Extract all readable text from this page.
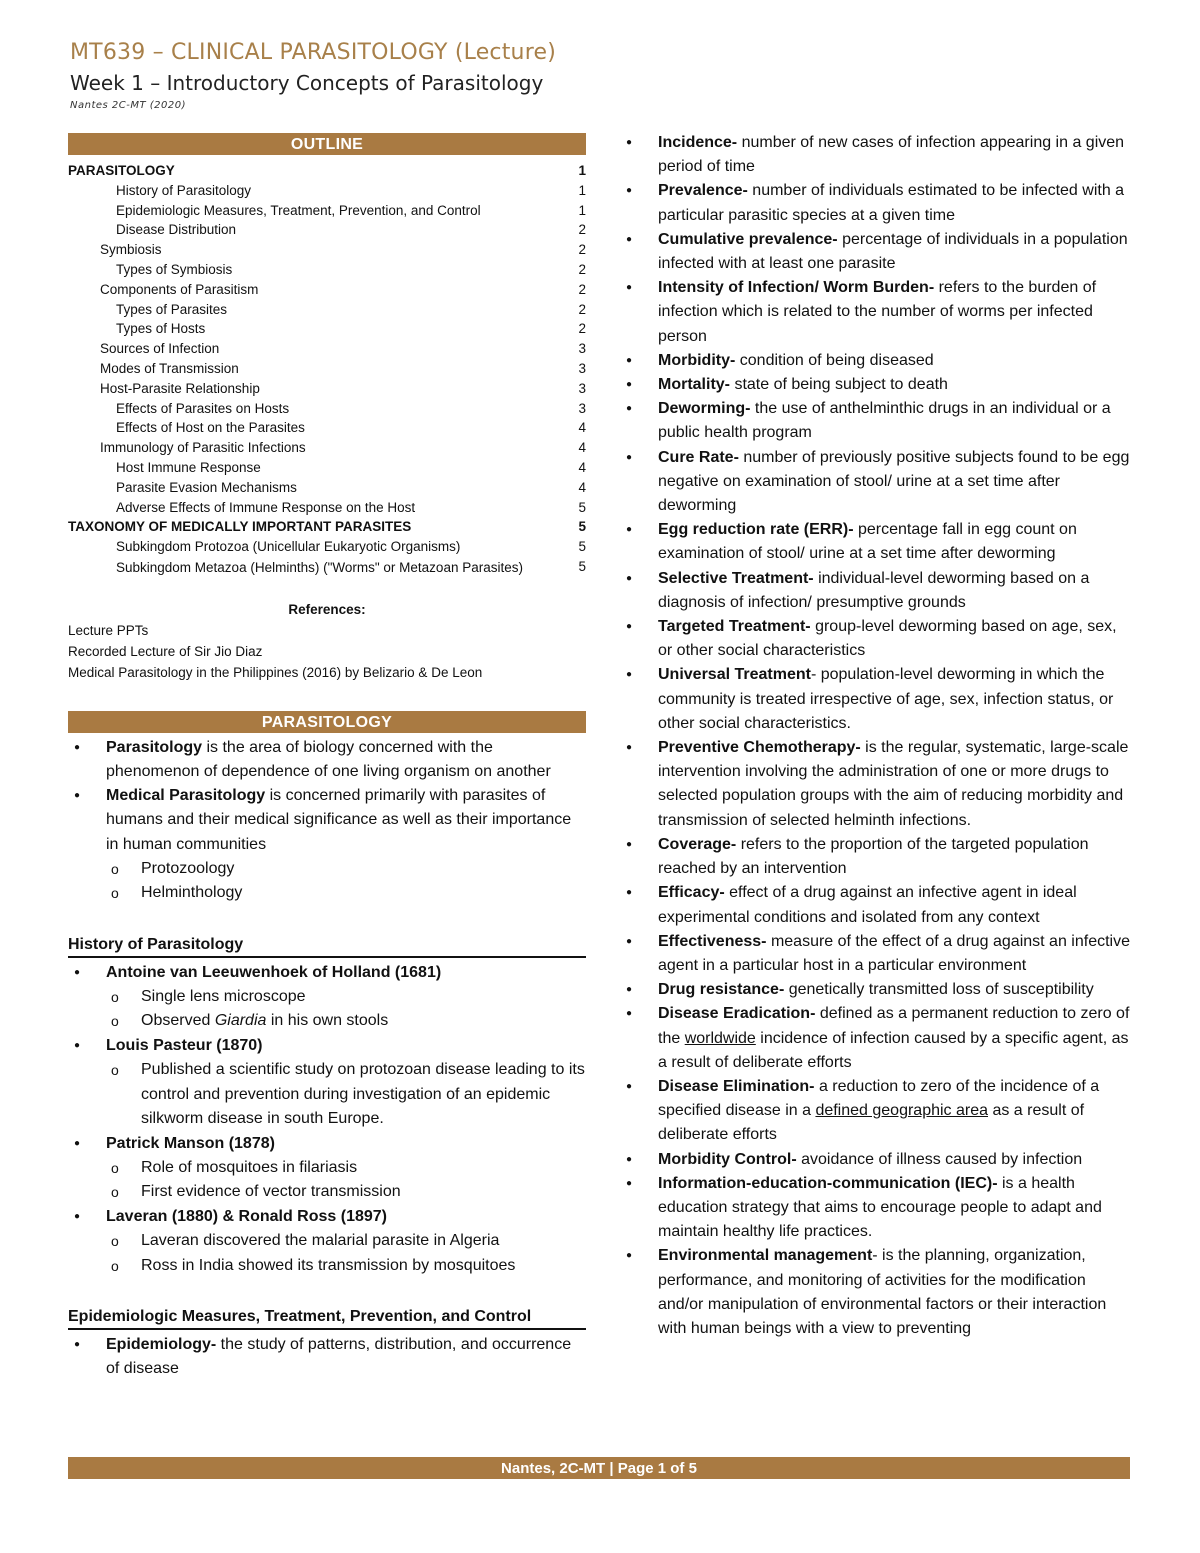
MT639 – CLINICAL PARASITOLOGY (Lecture)
Week 1 – Introductory Concepts of Parasitology
Nantes 2C-MT (2020)
OUTLINE
PARASITOLOGY	1
History of Parasitology	1
Epidemiologic Measures, Treatment, Prevention, and Control	1
Disease Distribution	2
Symbiosis	2
Types of Symbiosis	2
Components of Parasitism	2
Types of Parasites	2
Types of Hosts	2
Sources of Infection	3
Modes of Transmission	3
Host-Parasite Relationship	3
Effects of Parasites on Hosts	3
Effects of Host on the Parasites	4
Immunology of Parasitic Infections	4
Host Immune Response	4
Parasite Evasion Mechanisms	4
Adverse Effects of Immune Response on the Host	5
TAXONOMY OF MEDICALLY IMPORTANT PARASITES	5
Subkingdom Protozoa (Unicellular Eukaryotic Organisms)	5
Subkingdom Metazoa (Helminths) ("Worms" or Metazoan Parasites)	5
References:
Lecture PPTs
Recorded Lecture of Sir Jio Diaz
Medical Parasitology in the Philippines (2016) by Belizario & De Leon
PARASITOLOGY
● Parasitology is the area of biology concerned with the phenomenon of dependence of one living organism on another
● Medical Parasitology is concerned primarily with parasites of humans and their medical significance as well as their importance in human communities
o Protozoology
o Helminthology
History of Parasitology
● Antoine van Leeuwenhoek of Holland (1681)
o Single lens microscope
o Observed Giardia in his own stools
● Louis Pasteur (1870)
o Published a scientific study on protozoan disease leading to its control and prevention during investigation of an epidemic silkworm disease in south Europe.
● Patrick Manson (1878)
o Role of mosquitoes in filariasis
o First evidence of vector transmission
● Laveran (1880) & Ronald Ross (1897)
o Laveran discovered the malarial parasite in Algeria
o Ross in India showed its transmission by mosquitoes
Epidemiologic Measures, Treatment, Prevention, and Control
● Epidemiology- the study of patterns, distribution, and occurrence of disease
● Incidence- number of new cases of infection appearing in a given period of time
● Prevalence- number of individuals estimated to be infected with a particular parasitic species at a given time
● Cumulative prevalence- percentage of individuals in a population infected with at least one parasite
● Intensity of Infection/ Worm Burden- refers to the burden of infection which is related to the number of worms per infected person
● Morbidity- condition of being diseased
● Mortality- state of being subject to death
● Deworming- the use of anthelminthic drugs in an individual or a public health program
● Cure Rate- number of previously positive subjects found to be egg negative on examination of stool/ urine at a set time after deworming
● Egg reduction rate (ERR)- percentage fall in egg count on examination of stool/ urine at a set time after deworming
● Selective Treatment- individual-level deworming based on a diagnosis of infection/ presumptive grounds
● Targeted Treatment- group-level deworming based on age, sex, or other social characteristics
● Universal Treatment- population-level deworming in which the community is treated irrespective of age, sex, infection status, or other social characteristics.
● Preventive Chemotherapy- is the regular, systematic, large-scale intervention involving the administration of one or more drugs to selected population groups with the aim of reducing morbidity and transmission of selected helminth infections.
● Coverage- refers to the proportion of the targeted population reached by an intervention
● Efficacy- effect of a drug against an infective agent in ideal experimental conditions and isolated from any context
● Effectiveness- measure of the effect of a drug against an infective agent in a particular host in a particular environment
● Drug resistance- genetically transmitted loss of susceptibility
● Disease Eradication- defined as a permanent reduction to zero of the worldwide incidence of infection caused by a specific agent, as a result of deliberate efforts
● Disease Elimination- a reduction to zero of the incidence of a specified disease in a defined geographic area as a result of deliberate efforts
● Morbidity Control- avoidance of illness caused by infection
● Information-education-communication (IEC)- is a health education strategy that aims to encourage people to adapt and maintain healthy life practices.
● Environmental management- is the planning, organization, performance, and monitoring of activities for the modification and/or manipulation of environmental factors or their interaction with human beings with a view to preventing
Nantes, 2C-MT | Page 1 of 5
